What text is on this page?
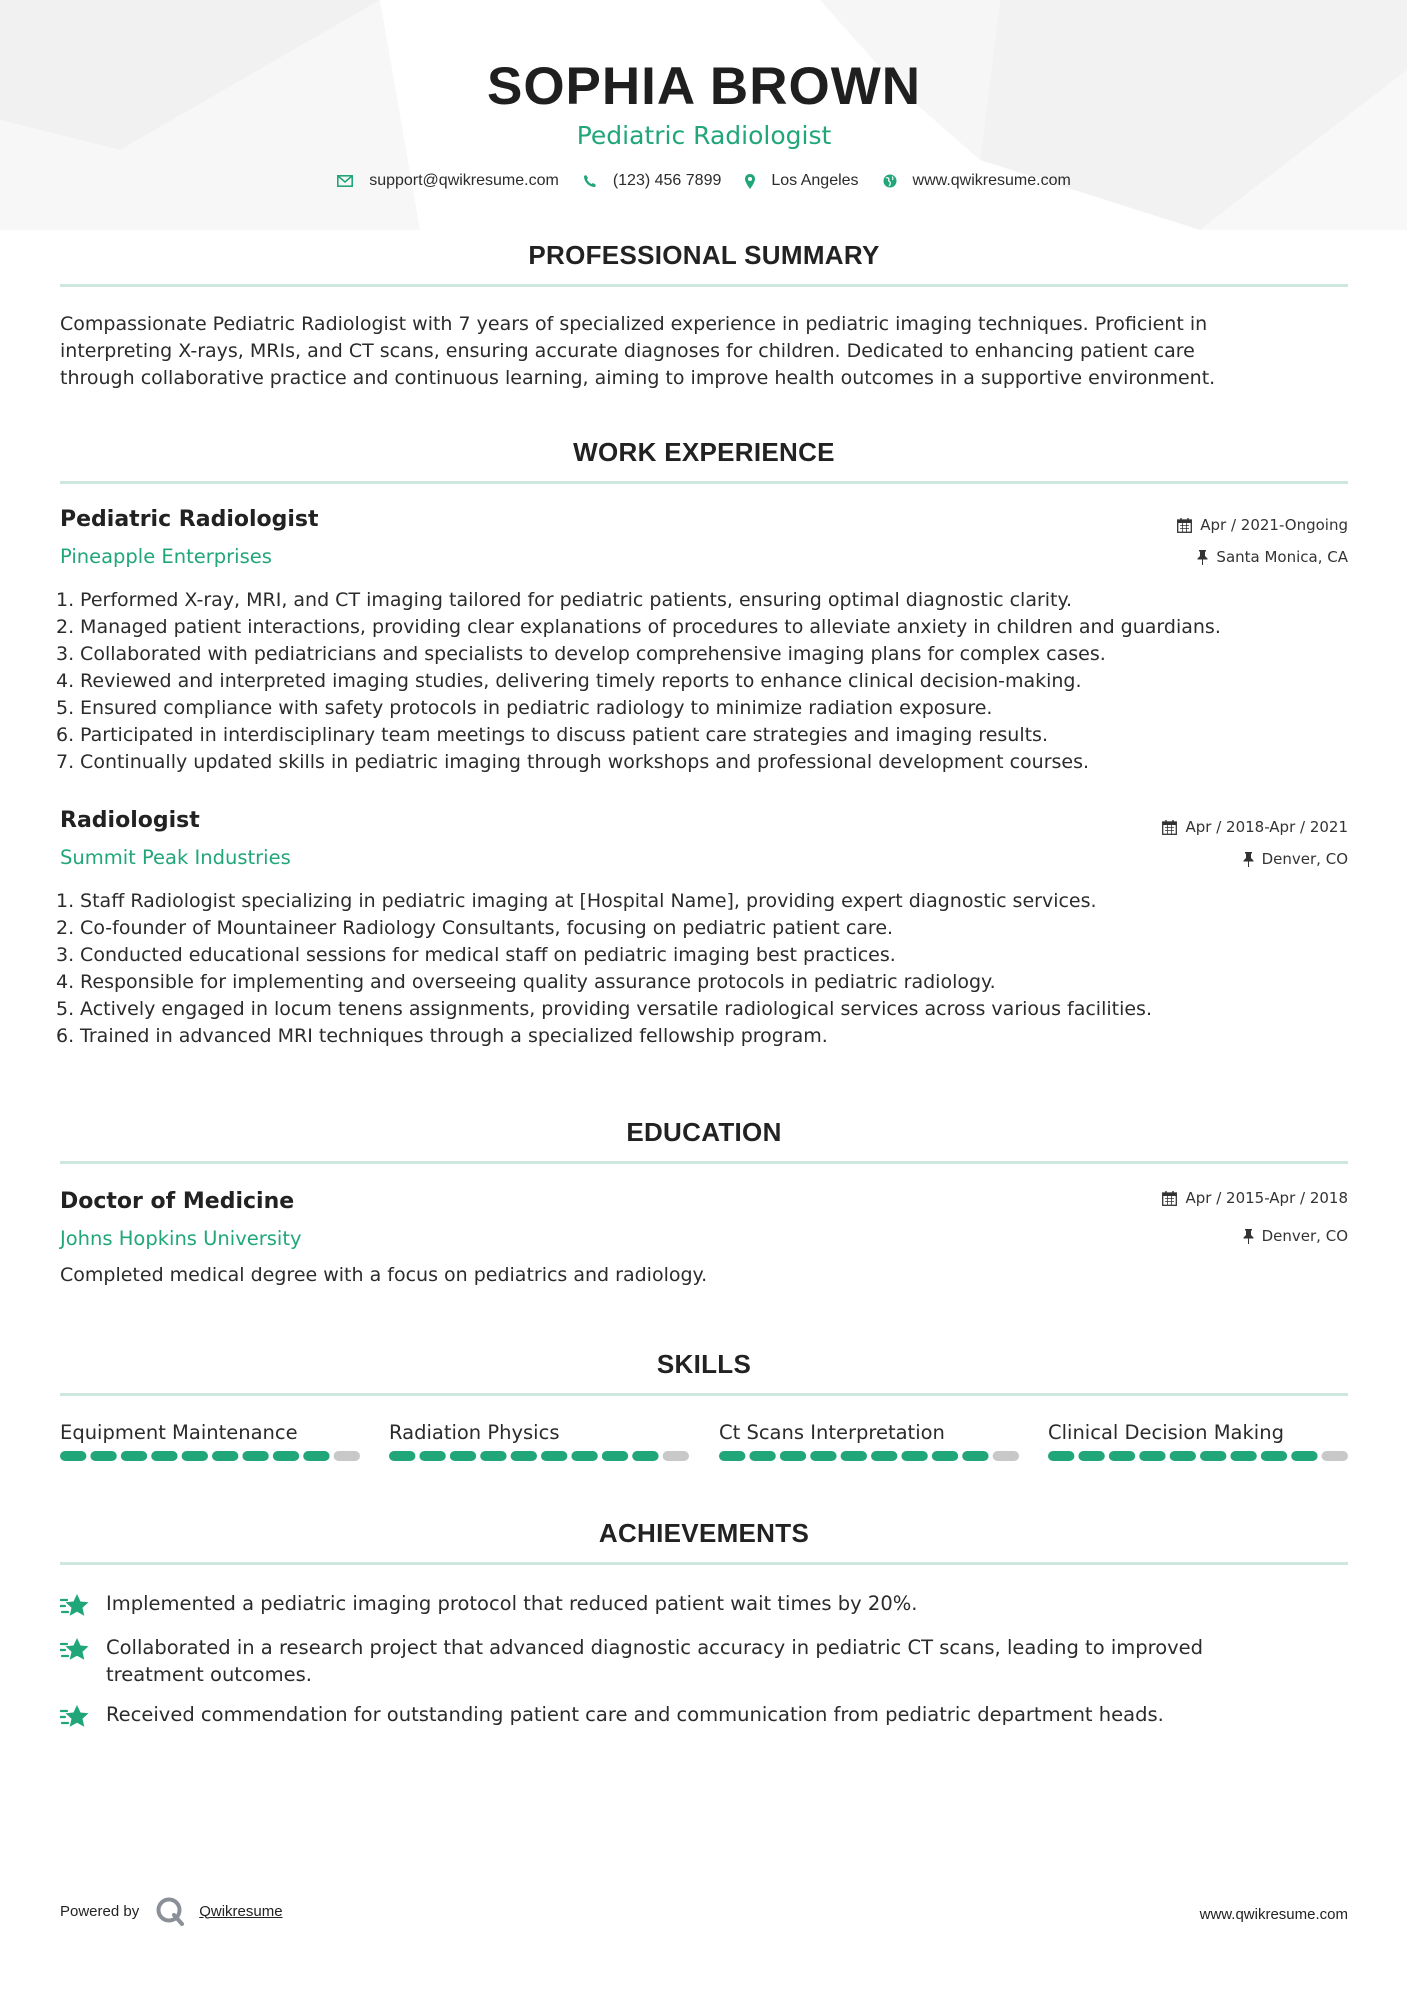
SOPHIA BROWN
Pediatric Radiologist
support@qwikresume.com	(123) 456 7899	Los Angeles	www.qwikresume.com
PROFESSIONAL SUMMARY
Compassionate Pediatric Radiologist with 7 years of specialized experience in pediatric imaging techniques. Proficient in
interpreting X-rays, MRIs, and CT scans, ensuring accurate diagnoses for children. Dedicated to enhancing patient care
through collaborative practice and continuous learning, aiming to improve health outcomes in a supportive environment.
WORK EXPERIENCE
Pediatric Radiologist
Pineapple Enterprises
Apr / 2021-Ongoing
Santa Monica, CA
1. Performed X-ray, MRI, and CT imaging tailored for pediatric patients, ensuring optimal diagnostic clarity.
2. Managed patient interactions, providing clear explanations of procedures to alleviate anxiety in children and guardians.
3. Collaborated with pediatricians and specialists to develop comprehensive imaging plans for complex cases.
4. Reviewed and interpreted imaging studies, delivering timely reports to enhance clinical decision-making.
5. Ensured compliance with safety protocols in pediatric radiology to minimize radiation exposure.
6. Participated in interdisciplinary team meetings to discuss patient care strategies and imaging results.
7. Continually updated skills in pediatric imaging through workshops and professional development courses.
Radiologist
Summit Peak Industries
Apr / 2018-Apr / 2021
Denver, CO
1. Staff Radiologist specializing in pediatric imaging at [Hospital Name], providing expert diagnostic services.
2. Co-founder of Mountaineer Radiology Consultants, focusing on pediatric patient care.
3. Conducted educational sessions for medical staff on pediatric imaging best practices.
4. Responsible for implementing and overseeing quality assurance protocols in pediatric radiology.
5. Actively engaged in locum tenens assignments, providing versatile radiological services across various facilities.
6. Trained in advanced MRI techniques through a specialized fellowship program.
EDUCATION
Doctor of Medicine
Johns Hopkins University
Apr / 2015-Apr / 2018
Denver, CO
Completed medical degree with a focus on pediatrics and radiology.
SKILLS
Equipment Maintenance	Radiation Physics	Ct Scans Interpretation	Clinical Decision Making
ACHIEVEMENTS
Implemented a pediatric imaging protocol that reduced patient wait times by 20%.
Collaborated in a research project that advanced diagnostic accuracy in pediatric CT scans, leading to improved
treatment outcomes.
Received commendation for outstanding patient care and communication from pediatric department heads.
Powered by	Qwikresume	www.qwikresume.com
